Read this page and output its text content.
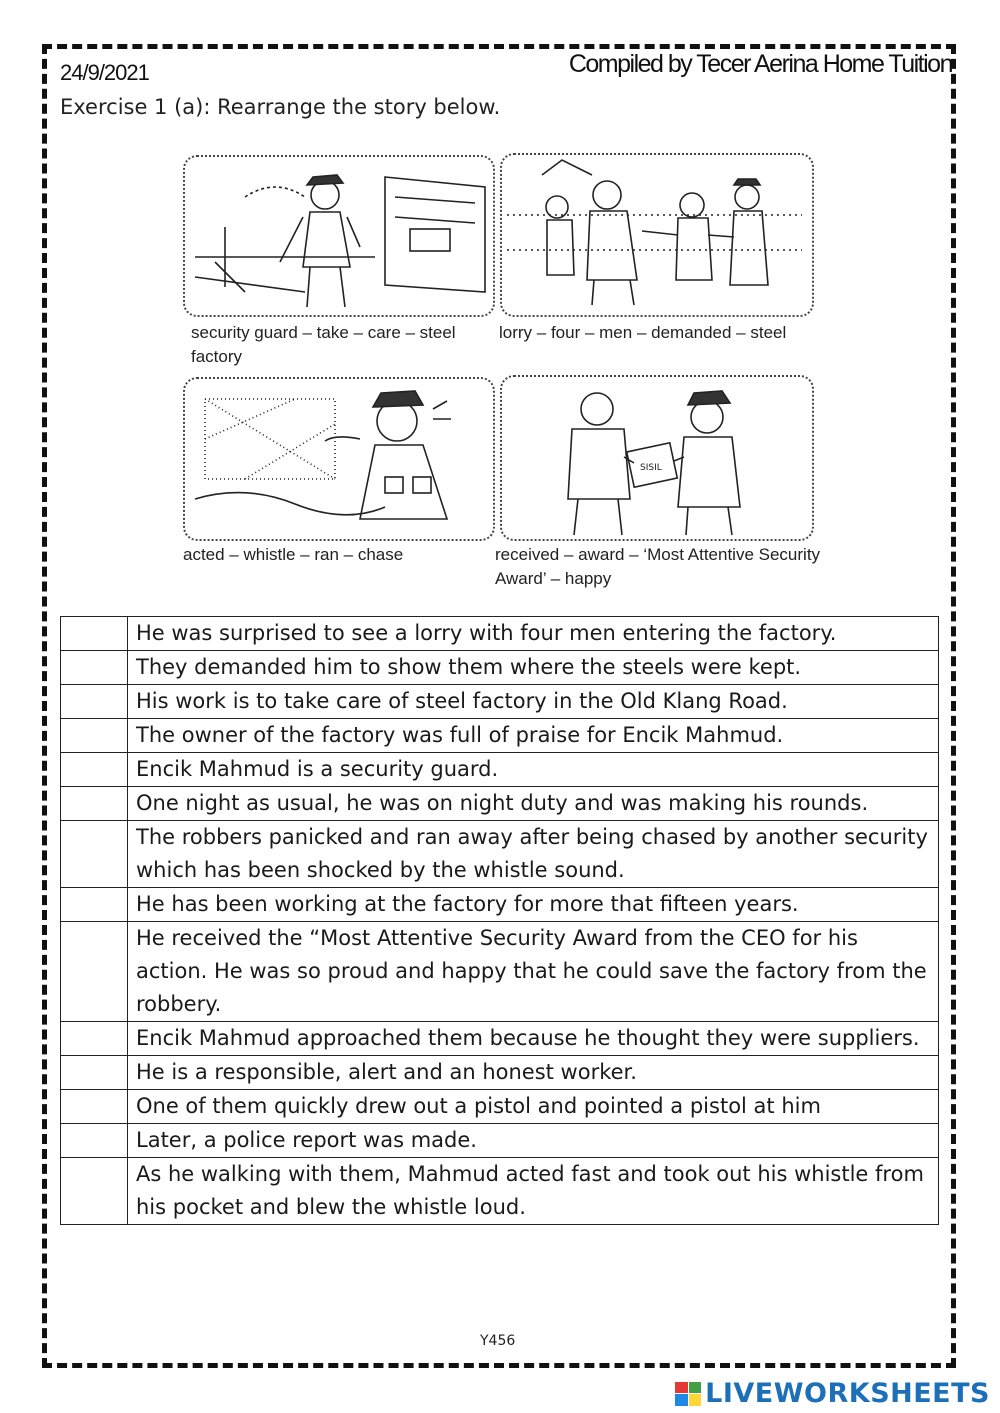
24/9/2021	Compiled by Tecer Aerina Home Tuition
Exercise 1 (a): Rearrange the story below.
security guard – take – care – steel factory
lorry – four – men – demanded – steel
acted – whistle – ran – chase
SISIL
received – award – ‘Most Attentive Security Award’ – happy
	He was surprised to see a lorry with four men entering the factory.
	They demanded him to show them where the steels were kept.
	His work is to take care of steel factory in the Old Klang Road.
	The owner of the factory was full of praise for Encik Mahmud.
	Encik Mahmud is a security guard.
	One night as usual, he was on night duty and was making his rounds.
	The robbers panicked and ran away after being chased by another security which has been shocked by the whistle sound.
	He has been working at the factory for more that fifteen years.
	He received the “Most Attentive Security Award from the CEO for his action. He was so proud and happy that he could save the factory from the robbery.
	Encik Mahmud approached them because he thought they were suppliers.
	He is a responsible, alert and an honest worker.
	One of them quickly drew out a pistol and pointed a pistol at him
	Later, a police report was made.
	As he walking with them, Mahmud acted fast and took out his whistle from his pocket and blew the whistle loud.
Y456
LIVEWORKSHEETS
